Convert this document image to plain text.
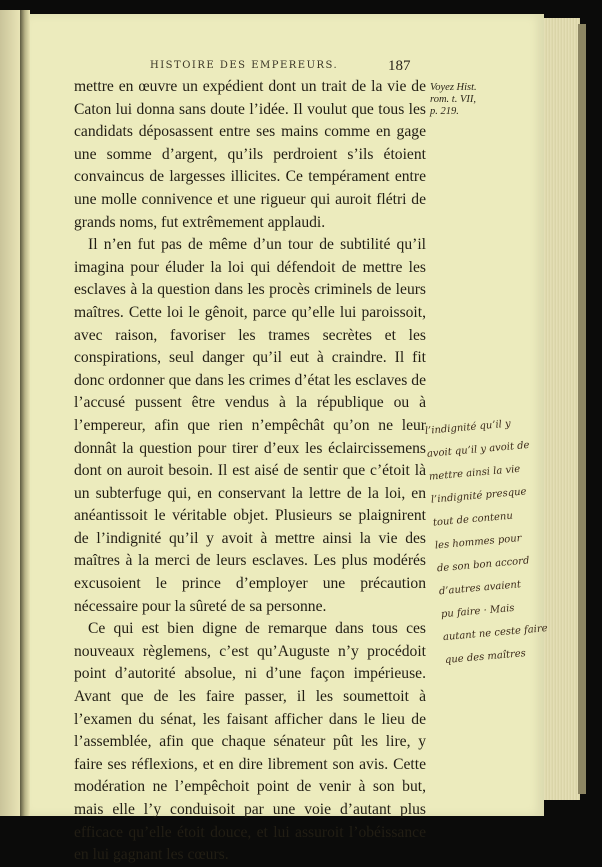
HISTOIRE DES EMPEREURS.	187
Voyez Hist.
rom. t. VII,
p. 219.

mettre en œuvre un expédient dont un trait de la vie de Caton lui donna sans doute l’idée. Il voulut que tous les candidats déposassent entre ses mains comme en gage une somme d’argent, qu’ils perdroient s’ils étoient convaincus de largesses illicites. Ce tempérament entre une molle connivence et une rigueur qui auroit flétri de grands noms, fut extrêmement applaudi.

Il n’en fut pas de même d’un tour de subtilité qu’il imagina pour éluder la loi qui défendoit de mettre les esclaves à la question dans les procès criminels de leurs maîtres. Cette loi le gênoit, parce qu’elle lui paroissoit, avec raison, favoriser les trames secrètes et les conspirations, seul danger qu’il eut à craindre. Il fit donc ordonner que dans les crimes d’état les esclaves de l’accusé pussent être vendus à la république ou à l’empereur, afin que rien n’empêchât qu’on ne leur donnât la question pour tirer d’eux les éclaircissemens dont on auroit besoin. Il est aisé de sentir que c’étoit là un subterfuge qui, en conservant la lettre de la loi, en anéantissoit le véritable objet. Plusieurs se plaignirent de l’indignité qu’il y avoit à mettre ainsi la vie des maîtres à la merci de leurs esclaves. Les plus modérés excusoient le prince d’employer une précaution nécessaire pour la sûreté de sa personne.

Ce qui est bien digne de remarque dans tous ces nouveaux règlemens, c’est qu’Auguste n’y procédoit point d’autorité absolue, ni d’une façon impérieuse. Avant que de les faire passer, il les soumettoit à l’examen du sénat, les faisant afficher dans le lieu de l’assemblée, afin que chaque sénateur pût les lire, y faire ses réflexions, et en dire librement son avis. Cette modération ne l’empêchoit point de venir à son but, mais elle l’y conduisoit par une voie d’autant plus efficace qu’elle étoit douce, et lui assuroit l’obéissance en lui gagnant les cœurs.

l’indignité qu’il y
avoit qu’il y avoit de
mettre ainsi la vie
l’indignité presque
tout de contenu
les hommes pour
de son bon accord
d’autres avaient
pu faire · Mais
autant ne ceste faire
que des maîtres
